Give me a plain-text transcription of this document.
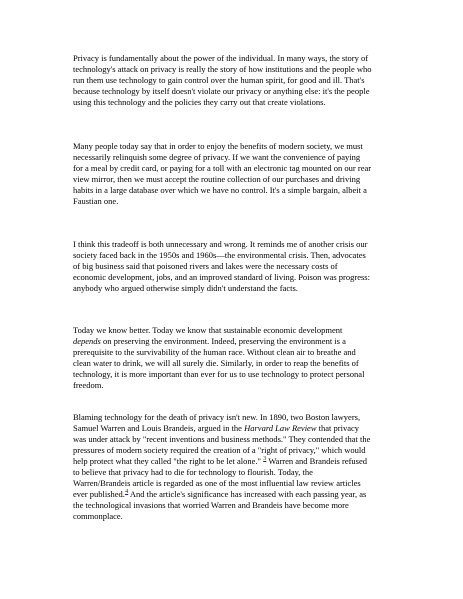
Privacy is fundamentally about the power of the individual. In many ways, the story of
technology's attack on privacy is really the story of how institutions and the people who
run them use technology to gain control over the human spirit, for good and ill. That's
because technology by itself doesn't violate our privacy or anything else: it's the people
using this technology and the policies they carry out that create violations.

Many people today say that in order to enjoy the benefits of modern society, we must
necessarily relinquish some degree of privacy. If we want the convenience of paying
for a meal by credit card, or paying for a toll with an electronic tag mounted on our rear
view mirror, then we must accept the routine collection of our purchases and driving
habits in a large database over which we have no control. It's a simple bargain, albeit a
Faustian one.

I think this tradeoff is both unnecessary and wrong. It reminds me of another crisis our
society faced back in the 1950s and 1960s—the environmental crisis. Then, advocates
of big business said that poisoned rivers and lakes were the necessary costs of
economic development, jobs, and an improved standard of living. Poison was progress:
anybody who argued otherwise simply didn't understand the facts.

Today we know better. Today we know that sustainable economic development
depends on preserving the environment. Indeed, preserving the environment is a
prerequisite to the survivability of the human race. Without clean air to breathe and
clean water to drink, we will all surely die. Similarly, in order to reap the benefits of
technology, it is more important than ever for us to use technology to protect personal
freedom.

Blaming technology for the death of privacy isn't new. In 1890, two Boston lawyers,
Samuel Warren and Louis Brandeis, argued in the Harvard Law Review that privacy
was under attack by "recent inventions and business methods." They contended that the
pressures of modern society required the creation of a "right of privacy," which would
help protect what they called "the right to be let alone." $^3$ Warren and Brandeis refused
to believe that privacy had to die for technology to flourish. Today, the
Warren/Brandeis article is regarded as one of the most influential law review articles
ever published.$^4$ And the article's significance has increased with each passing year, as
the technological invasions that worried Warren and Brandeis have become more
commonplace.
